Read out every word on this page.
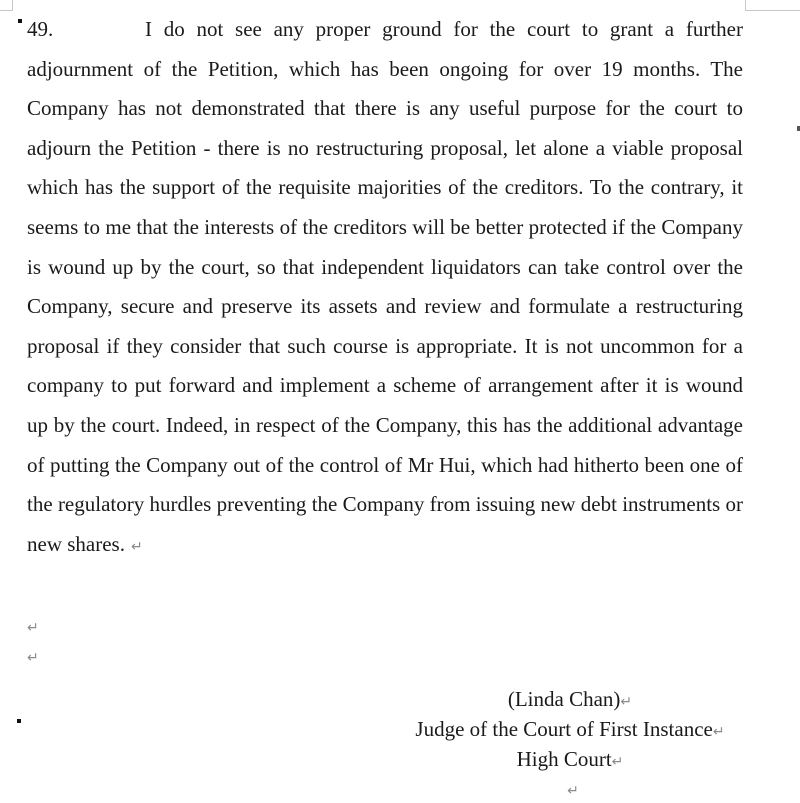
49.	I do not see any proper ground for the court to grant a further adjournment of the Petition, which has been ongoing for over 19 months. The Company has not demonstrated that there is any useful purpose for the court to adjourn the Petition - there is no restructuring proposal, let alone a viable proposal which has the support of the requisite majorities of the creditors. To the contrary, it seems to me that the interests of the creditors will be better protected if the Company is wound up by the court, so that independent liquidators can take control over the Company, secure and preserve its assets and review and formulate a restructuring proposal if they consider that such course is appropriate. It is not uncommon for a company to put forward and implement a scheme of arrangement after it is wound up by the court. Indeed, in respect of the Company, this has the additional advantage of putting the Company out of the control of Mr Hui, which had hitherto been one of the regulatory hurdles preventing the Company from issuing new debt instruments or new shares. ↵

↵
↵
(Linda Chan)↵
Judge of the Court of First Instance↵
High Court↵
↵
